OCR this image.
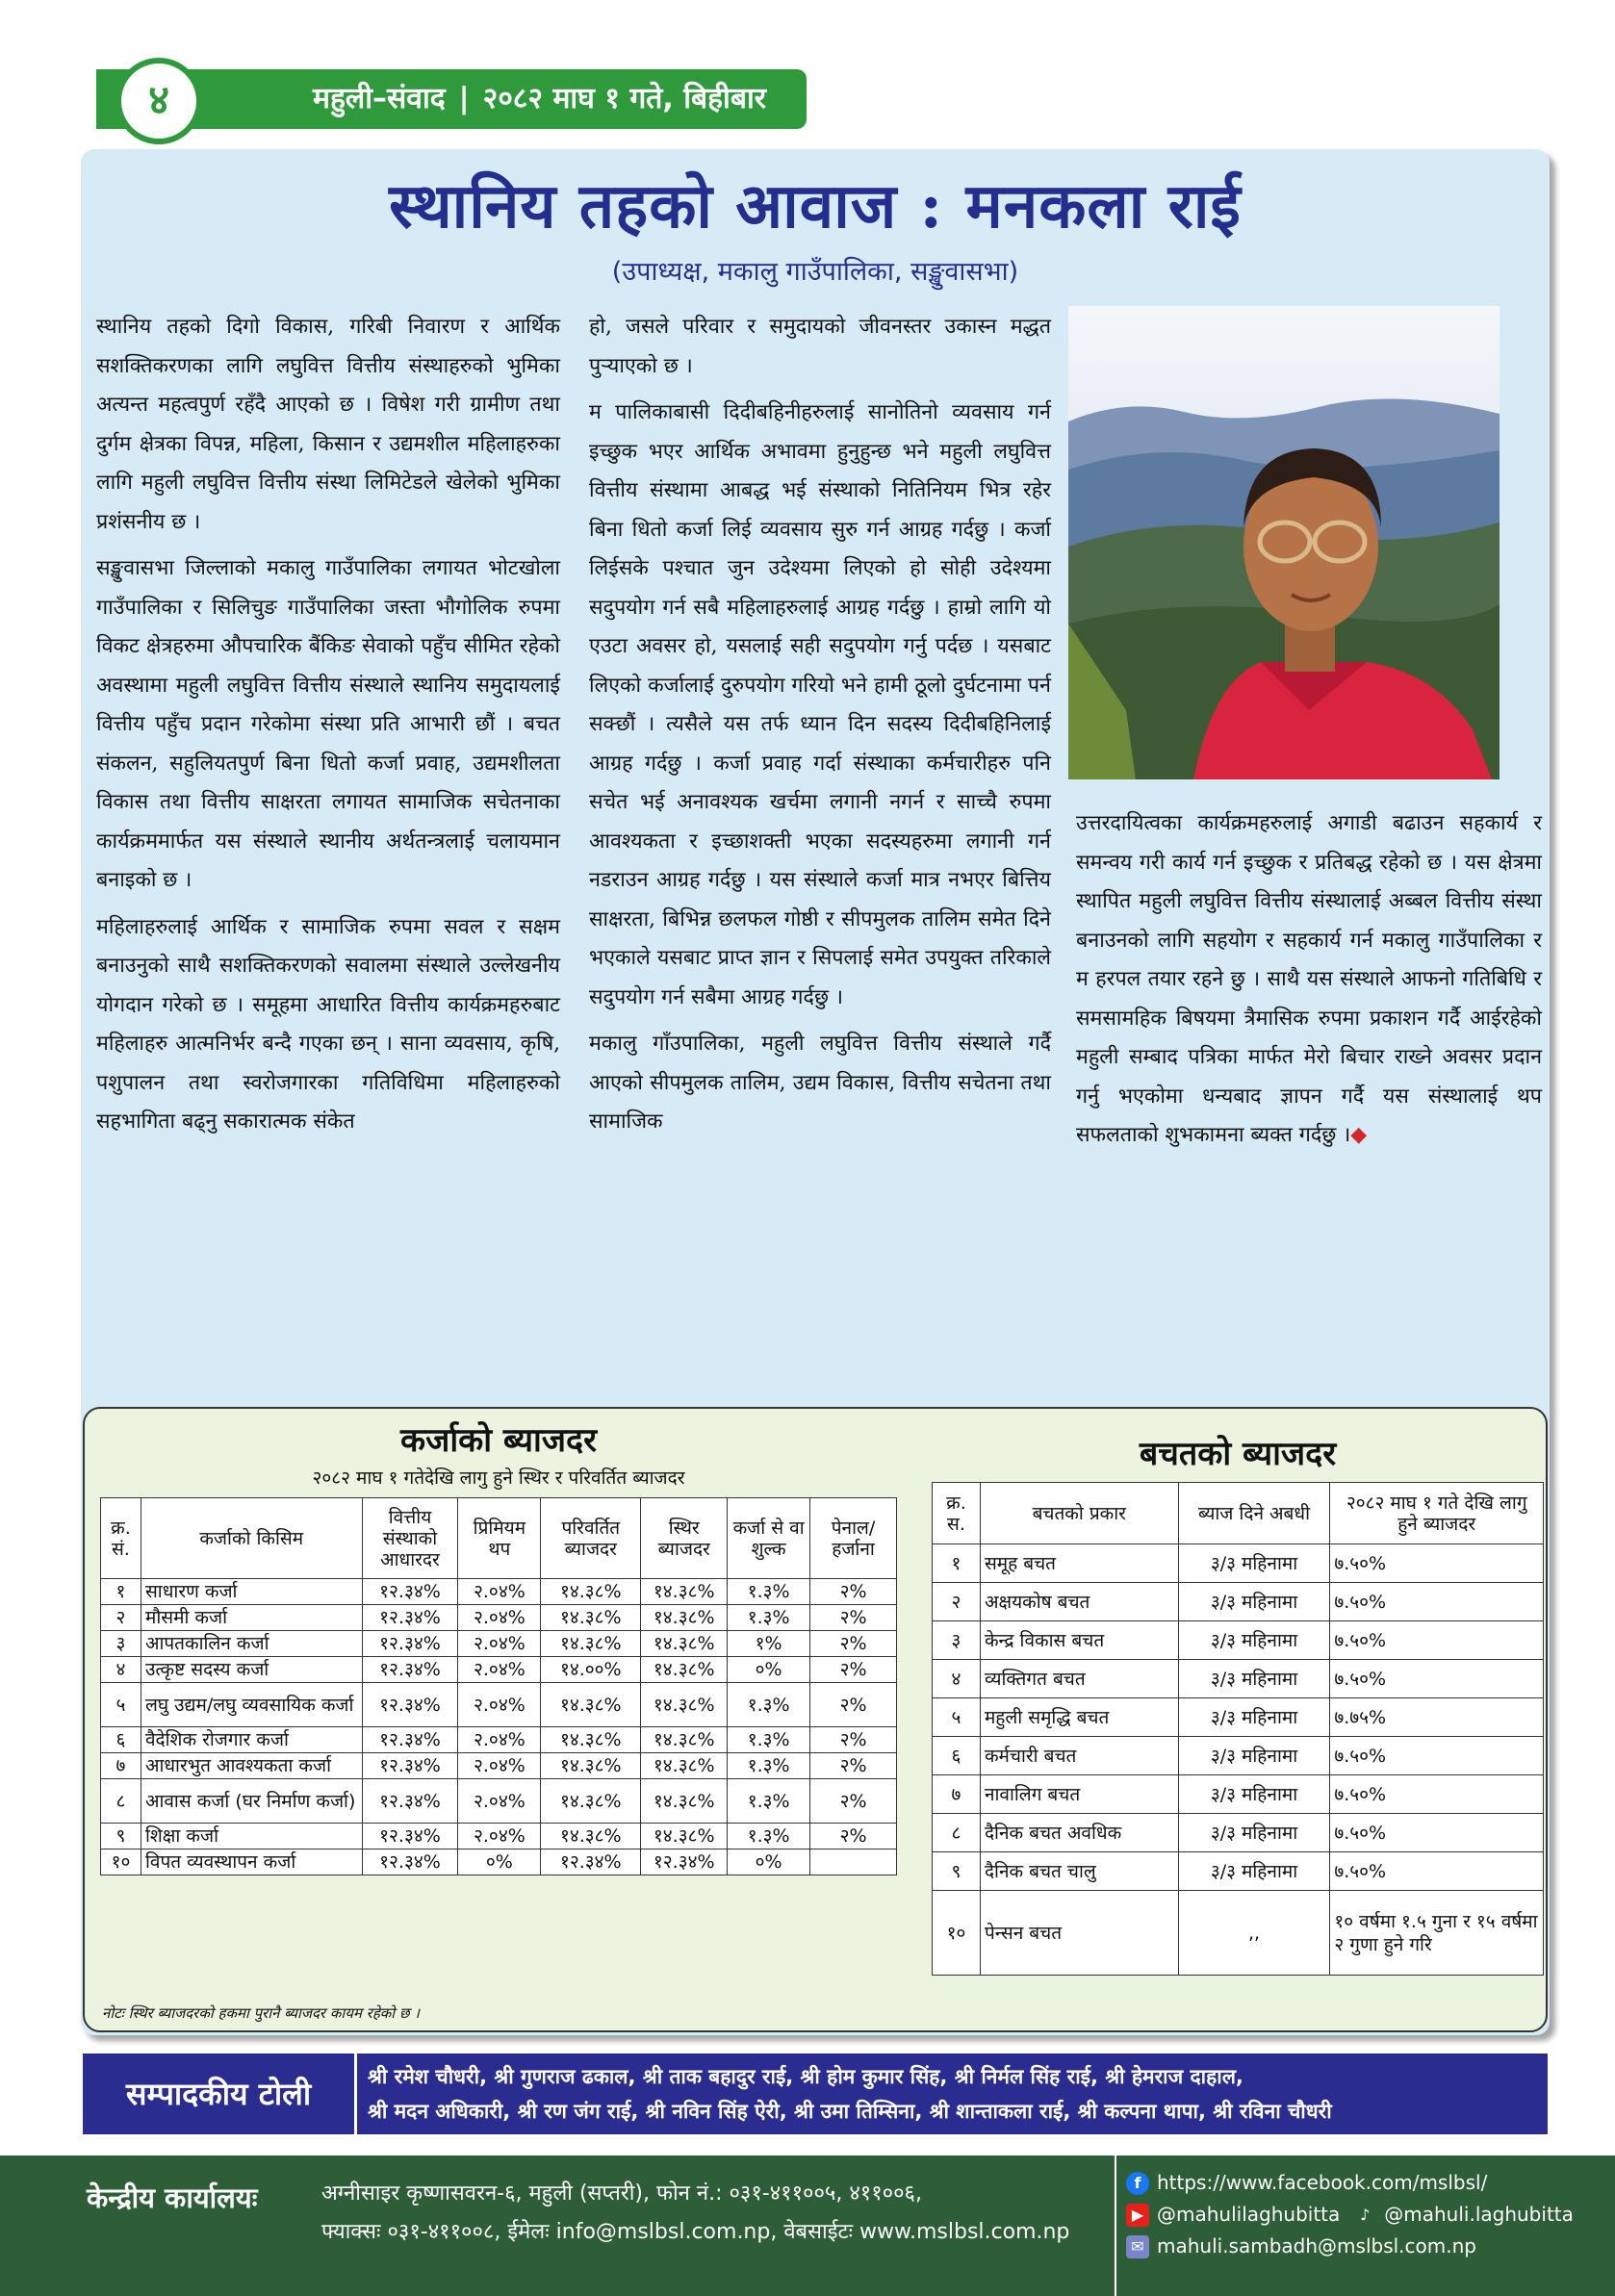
महुली–संवाद | २०८२ माघ १ गते, बिहीबार
४
स्थानिय तहको आवाज : मनकला राई
(उपाध्यक्ष, मकालु गाउँपालिका, सङ्खुवासभा)

स्थानिय तहको दिगो विकास, गरिबी निवारण र आर्थिक सशक्तिकरणका लागि लघुवित्त वित्तीय संस्थाहरुको भुमिका अत्यन्त महत्वपुर्ण रहँदै आएको छ । विषेश गरी ग्रामीण तथा दुर्गम क्षेत्रका विपन्न, महिला, किसान र उद्यमशील महिलाहरुका लागि महुली लघुवित्त वित्तीय संस्था लिमिटेडले खेलेको भुमिका प्रशंसनीय छ ।

सङ्खुवासभा जिल्लाको मकालु गाउँपालिका लगायत भोटखोला गाउँपालिका र सिलिचुङ गाउँपालिका जस्ता भौगोलिक रुपमा विकट क्षेत्रहरुमा औपचारिक बैंकिङ सेवाको पहुँच सीमित रहेको अवस्थामा महुली लघुवित्त वित्तीय संस्थाले स्थानिय समुदायलाई वित्तीय पहुँच प्रदान गरेकोमा संस्था प्रति आभारी छौं । बचत संकलन, सहुलियतपुर्ण बिना धितो कर्जा प्रवाह, उद्यमशीलता विकास तथा वित्तीय साक्षरता लगायत सामाजिक सचेतनाका कार्यक्रममार्फत यस संस्थाले स्थानीय अर्थतन्त्रलाई चलायमान बनाइको छ ।

महिलाहरुलाई आर्थिक र सामाजिक रुपमा सवल र सक्षम बनाउनुको साथै सशक्तिकरणको सवालमा संस्थाले उल्लेखनीय योगदान गरेको छ । समूहमा आधारित वित्तीय कार्यक्रमहरुबाट महिलाहरु आत्मनिर्भर बन्दै गएका छन् । साना व्यवसाय, कृषि, पशुपालन तथा स्वरोजगारका गतिविधिमा महिलाहरुको सहभागिता बढ्नु सकारात्मक संकेत

हो, जसले परिवार र समुदायको जीवनस्तर उकास्न मद्धत पुऱ्याएको छ ।

म पालिकाबासी दिदीबहिनीहरुलाई सानोतिनो व्यवसाय गर्न इच्छुक भएर आर्थिक अभावमा हुनुहुन्छ भने महुली लघुवित्त वित्तीय संस्थामा आबद्ध भई संस्थाको नितिनियम भित्र रहेर बिना धितो कर्जा लिई व्यवसाय सुरु गर्न आग्रह गर्दछु । कर्जा लिईसके पश्चात जुन उदेश्यमा लिएको हो सोही उदेश्यमा सदुपयोग गर्न सबै महिलाहरुलाई आग्रह गर्दछु । हाम्रो लागि यो एउटा अवसर हो, यसलाई सही सदुपयोग गर्नु पर्दछ । यसबाट लिएको कर्जालाई दुरुपयोग गरियो भने हामी ठूलो दुर्घटनामा पर्न सक्छौं । त्यसैले यस तर्फ ध्यान दिन सदस्य दिदीबहिनिलाई आग्रह गर्दछु । कर्जा प्रवाह गर्दा संस्थाका कर्मचारीहरु पनि सचेत भई अनावश्यक खर्चमा लगानी नगर्न र साच्चै रुपमा आवश्यकता र इच्छाशक्ती भएका सदस्यहरुमा लगानी गर्न नडराउन आग्रह गर्दछु । यस संस्थाले कर्जा मात्र नभएर बित्तिय साक्षरता, बिभिन्न छलफल गोष्ठी र सीपमुलक तालिम समेत दिने भएकाले यसबाट प्राप्त ज्ञान र सिपलाई समेत उपयुक्त तरिकाले सदुपयोग गर्न सबैमा आग्रह गर्दछु ।

मकालु गाँउपालिका, महुली लघुवित्त वित्तीय संस्थाले गर्दै आएको सीपमुलक तालिम, उद्यम विकास, वित्तीय सचेतना तथा सामाजिक

उत्तरदायित्वका कार्यक्रमहरुलाई अगाडी बढाउन सहकार्य र समन्वय गरी कार्य गर्न इच्छुक र प्रतिबद्ध रहेको छ । यस क्षेत्रमा स्थापित महुली लघुवित्त वित्तीय संस्थालाई अब्बल वित्तीय संस्था बनाउनको लागि सहयोग र सहकार्य गर्न मकालु गाउँपालिका र म हरपल तयार रहने छु । साथै यस संस्थाले आफनो गतिबिधि र समसामहिक बिषयमा त्रैमासिक रुपमा प्रकाशन गर्दै आईरहेको महुली सम्बाद पत्रिका मार्फत मेरो बिचार राख्ने अवसर प्रदान गर्नु भएकोमा धन्यबाद ज्ञापन गर्दै यस संस्थालाई थप सफलताको शुभकामना ब्यक्त गर्दछु ।◆

कर्जाको ब्याजदर
२०८२ माघ १ गतेदेखि लागु हुने स्थिर र परिवर्तित ब्याजदर
बचतको ब्याजदर
क्र. सं.	कर्जाको किसिम	वित्तीय संस्थाको आधारदर	प्रिमियम थप	परिवर्तित ब्याजदर	स्थिर ब्याजदर	कर्जा से वा शुल्क	पेनाल/ हर्जाना
१	साधारण कर्जा	१२.३४%	२.०४%	१४.३८%	१४.३८%	१.३%	२%
२	मौसमी कर्जा	१२.३४%	२.०४%	१४.३८%	१४.३८%	१.३%	२%
३	आपतकालिन कर्जा	१२.३४%	२.०४%	१४.३८%	१४.३८%	१%	२%
४	उत्कृष्ट सदस्य कर्जा	१२.३४%	२.०४%	१४.००%	१४.३८%	०%	२%
५	लघु उद्यम/लघु व्यवसायिक कर्जा	१२.३४%	२.०४%	१४.३८%	१४.३८%	१.३%	२%
६	वैदेशिक रोजगार कर्जा	१२.३४%	२.०४%	१४.३८%	१४.३८%	१.३%	२%
७	आधारभुत आवश्यकता कर्जा	१२.३४%	२.०४%	१४.३८%	१४.३८%	१.३%	२%
८	आवास कर्जा (घर निर्माण कर्जा)	१२.३४%	२.०४%	१४.३८%	१४.३८%	१.३%	२%
९	शिक्षा कर्जा	१२.३४%	२.०४%	१४.३८%	१४.३८%	१.३%	२%
१०	विपत व्यवस्थापन कर्जा	१२.३४%	०%	१२.३४%	१२.३४%	०%	
नोटः स्थिर ब्याजदरको हकमा पुरानै ब्याजदर कायम रहेको छ ।
क्र. स.	बचतको प्रकार	ब्याज दिने अबधी	२०८२ माघ १ गते देखि लागु हुने ब्याजदर
१	समूह बचत	३/३ महिनामा	७.५०%
२	अक्षयकोष बचत	३/३ महिनामा	७.५०%
३	केन्द्र विकास बचत	३/३ महिनामा	७.५०%
४	व्यक्तिगत बचत	३/३ महिनामा	७.५०%
५	महुली समृद्धि बचत	३/३ महिनामा	७.७५%
६	कर्मचारी बचत	३/३ महिनामा	७.५०%
७	नावालिग बचत	३/३ महिनामा	७.५०%
८	दैनिक बचत अवधिक	३/३ महिनामा	७.५०%
९	दैनिक बचत चालु	३/३ महिनामा	७.५०%
१०	पेन्सन बचत	,,	१० वर्षमा १.५ गुना र १५ वर्षमा २ गुणा हुने गरि
सम्पादकीय टोली	श्री रमेश चौधरी, श्री गुणराज ढकाल, श्री ताक बहादुर राई, श्री होम कुमार सिंह, श्री निर्मल सिंह राई, श्री हेमराज दाहाल,
श्री मदन अधिकारी, श्री रण जंग राई, श्री नविन सिंह ऐरी, श्री उमा तिम्सिना, श्री शान्ताकला राई, श्री कल्पना थापा, श्री रविना चौधरी
केन्द्रीय कार्यालयः	अग्नीसाइर कृष्णासवरन-६, महुली (सप्तरी), फोन नं.: ०३१-४११००५, ४११००६,
फ्याक्सः ०३१-४११००८, ईमेलः info@mslbsl.com.np, वेबसाईटः www.mslbsl.com.np
f https://www.facebook.com/mslbsl/
▶ @mahulilaghubitta	♪ @mahuli.laghubitta
✉ mahuli.sambadh@mslbsl.com.np
